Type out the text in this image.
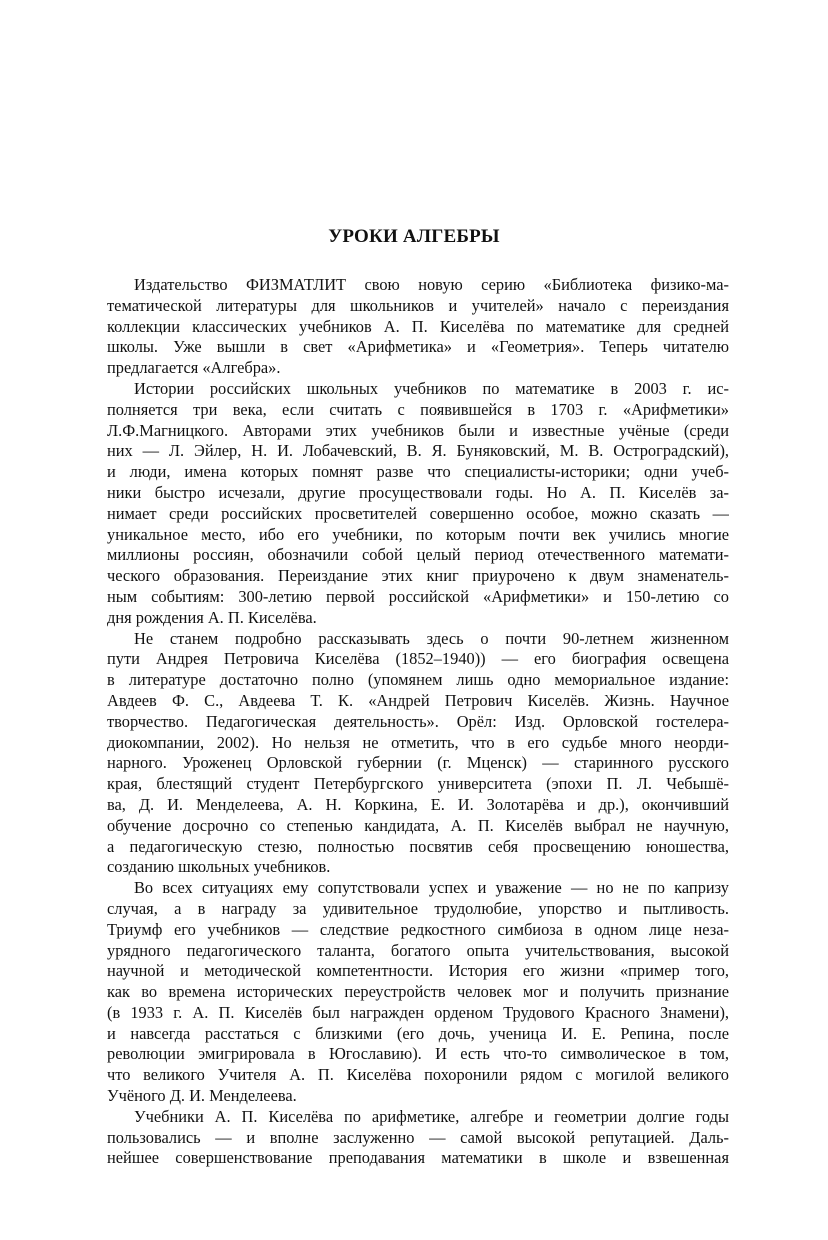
УРОКИ АЛГЕБРЫ
Издательство ФИЗМАТЛИТ свою новую серию «Библиотека физико-ма-
тематической литературы для школьников и учителей» начало с переиздания
коллекции классических учебников А. П. Киселёва по математике для средней
школы. Уже вышли в свет «Арифметика» и «Геометрия». Теперь читателю
предлагается «Алгебра».
Истории российских школьных учебников по математике в 2003 г. ис-
полняется три века, если считать с появившейся в 1703 г. «Арифметики»
Л.Ф.Магницкого. Авторами этих учебников были и известные учёные (среди
них — Л. Эйлер, Н. И. Лобачевский, В. Я. Буняковский, М. В. Остроградский),
и люди, имена которых помнят разве что специалисты-историки; одни учеб-
ники быстро исчезали, другие просуществовали годы. Но А. П. Киселёв за-
нимает среди российских просветителей совершенно особое, можно сказать —
уникальное место, ибо его учебники, по которым почти век учились многие
миллионы россиян, обозначили собой целый период отечественного математи-
ческого образования. Переиздание этих книг приурочено к двум знаменатель-
ным событиям: 300-летию первой российской «Арифметики» и 150-летию со
дня рождения А. П. Киселёва.
Не станем подробно рассказывать здесь о почти 90-летнем жизненном
пути Андрея Петровича Киселёва (1852–1940)) — его биография освещена
в литературе достаточно полно (упомянем лишь одно мемориальное издание:
Авдеев Ф. С., Авдеева Т. К. «Андрей Петрович Киселёв. Жизнь. Научное
творчество. Педагогическая деятельность». Орёл: Изд. Орловской гостелера-
диокомпании, 2002). Но нельзя не отметить, что в его судьбе много неорди-
нарного. Уроженец Орловской губернии (г. Мценск) — старинного русского
края, блестящий студент Петербургского университета (эпохи П. Л. Чебышё-
ва, Д. И. Менделеева, А. Н. Коркина, Е. И. Золотарёва и др.), окончивший
обучение досрочно со степенью кандидата, А. П. Киселёв выбрал не научную,
а педагогическую стезю, полностью посвятив себя просвещению юношества,
созданию школьных учебников.
Во всех ситуациях ему сопутствовали успех и уважение — но не по капризу
случая, а в награду за удивительное трудолюбие, упорство и пытливость.
Триумф его учебников — следствие редкостного симбиоза в одном лице неза-
урядного педагогического таланта, богатого опыта учительствования, высокой
научной и методической компетентности. История его жизни «пример того,
как во времена исторических переустройств человек мог и получить признание
(в 1933 г. А. П. Киселёв был награжден орденом Трудового Красного Знамени),
и навсегда расстаться с близкими (его дочь, ученица И. Е. Репина, после
революции эмигрировала в Югославию). И есть что-то символическое в том,
что великого Учителя А. П. Киселёва похоронили рядом с могилой великого
Учёного Д. И. Менделеева.
Учебники А. П. Киселёва по арифметике, алгебре и геометрии долгие годы
пользовались — и вполне заслуженно — самой высокой репутацией. Даль-
нейшее совершенствование преподавания математики в школе и взвешенная
